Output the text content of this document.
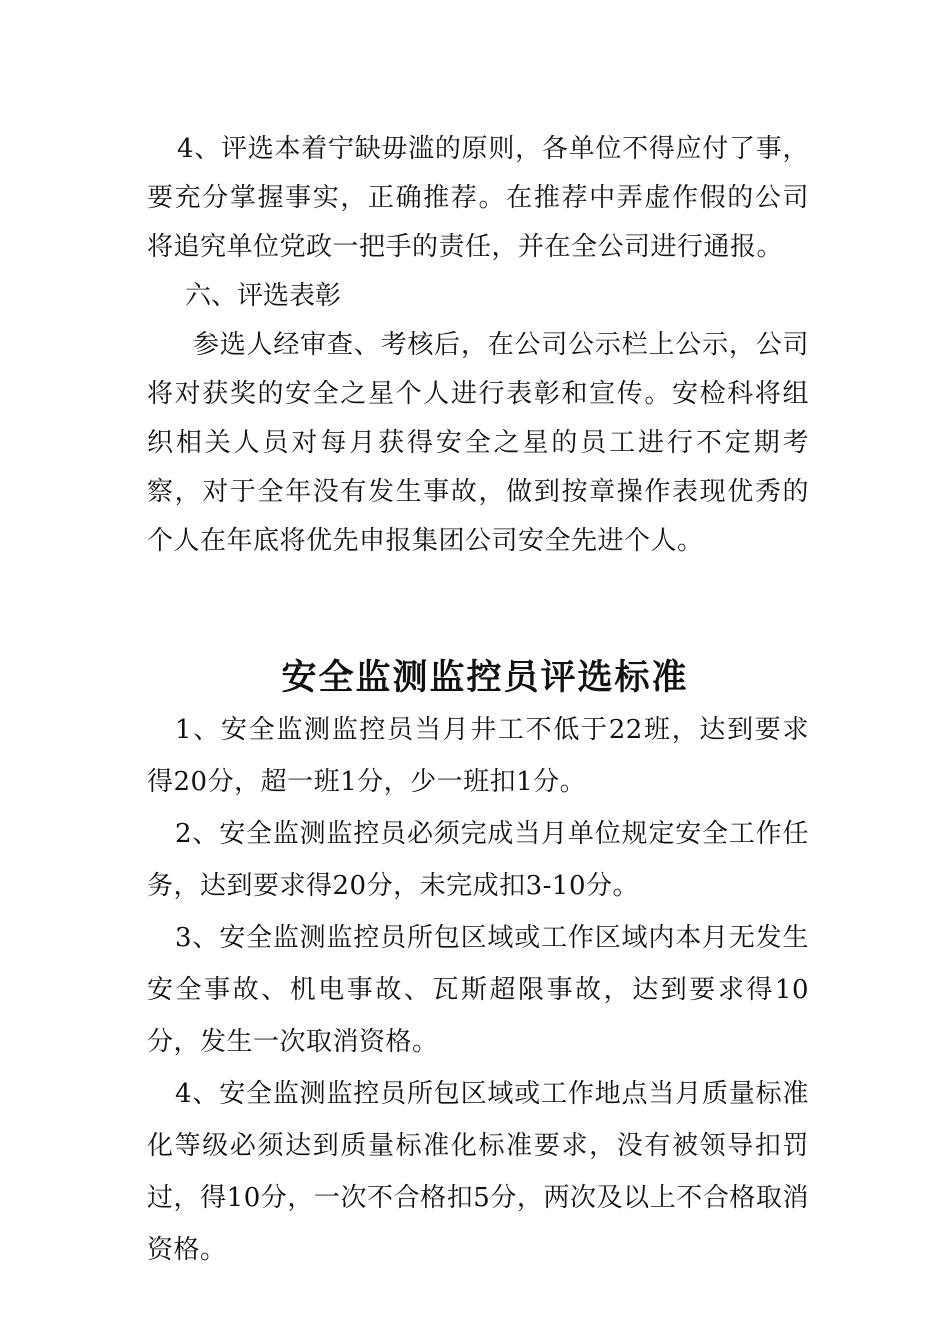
4、评选本着宁缺毋滥的原则，各单位不得应付了事，要充分掌握事实，正确推荐。在推荐中弄虚作假的公司将追究单位党政一把手的责任，并在全公司进行通报。

六、评选表彰

参选人经审查、考核后，在公司公示栏上公示，公司将对获奖的安全之星个人进行表彰和宣传。安检科将组织相关人员对每月获得安全之星的员工进行不定期考察，对于全年没有发生事故，做到按章操作表现优秀的个人在年底将优先申报集团公司安全先进个人。

安全监测监控员评选标准

1、安全监测监控员当月井工不低于22班，达到要求得20分，超一班1分，少一班扣1分。

2、安全监测监控员必须完成当月单位规定安全工作任务，达到要求得20分，未完成扣3-10分。

3、安全监测监控员所包区域或工作区域内本月无发生安全事故、机电事故、瓦斯超限事故，达到要求得10分，发生一次取消资格。

4、安全监测监控员所包区域或工作地点当月质量标准化等级必须达到质量标准化标准要求，没有被领导扣罚过，得10分，一次不合格扣5分，两次及以上不合格取消资格。
